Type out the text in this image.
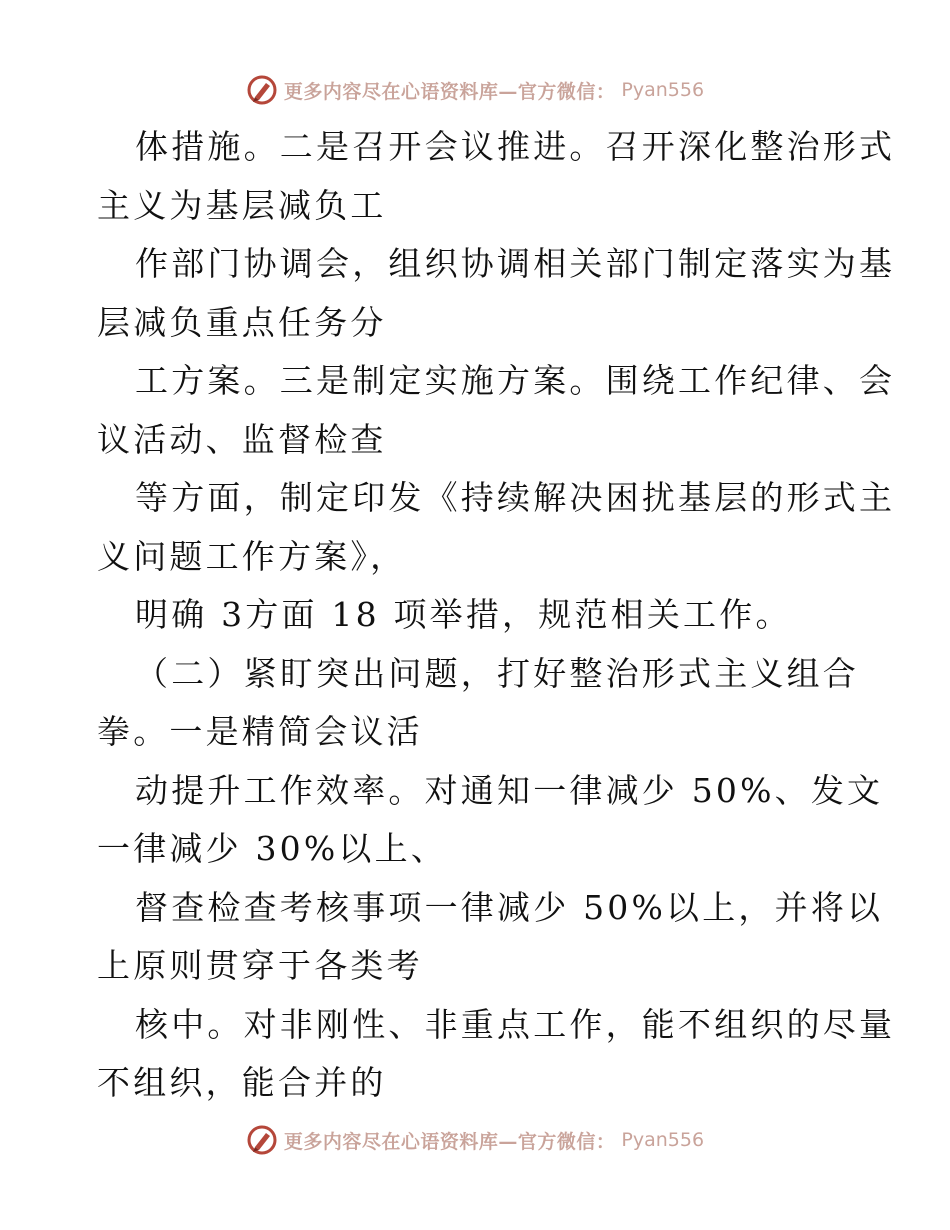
更多内容尽在心语资料库—官方微信： Pyan556
体措施。二是召开会议推进。召开深化整治形式
主义为基层减负工
作部门协调会，组织协调相关部门制定落实为基
层减负重点任务分
工方案。三是制定实施方案。围绕工作纪律、会
议活动、监督检查
等方面，制定印发《持续解决困扰基层的形式主
义问题工作方案》，
明确 3方面 18 项举措，规范相关工作。
（二）紧盯突出问题，打好整治形式主义组合
拳。一是精简会议活
动提升工作效率。对通知一律减少 50%、发文
一律减少 30%以上、
督查检查考核事项一律减少 50%以上，并将以
上原则贯穿于各类考
核中。对非刚性、非重点工作，能不组织的尽量
不组织，能合并的
更多内容尽在心语资料库—官方微信： Pyan556
